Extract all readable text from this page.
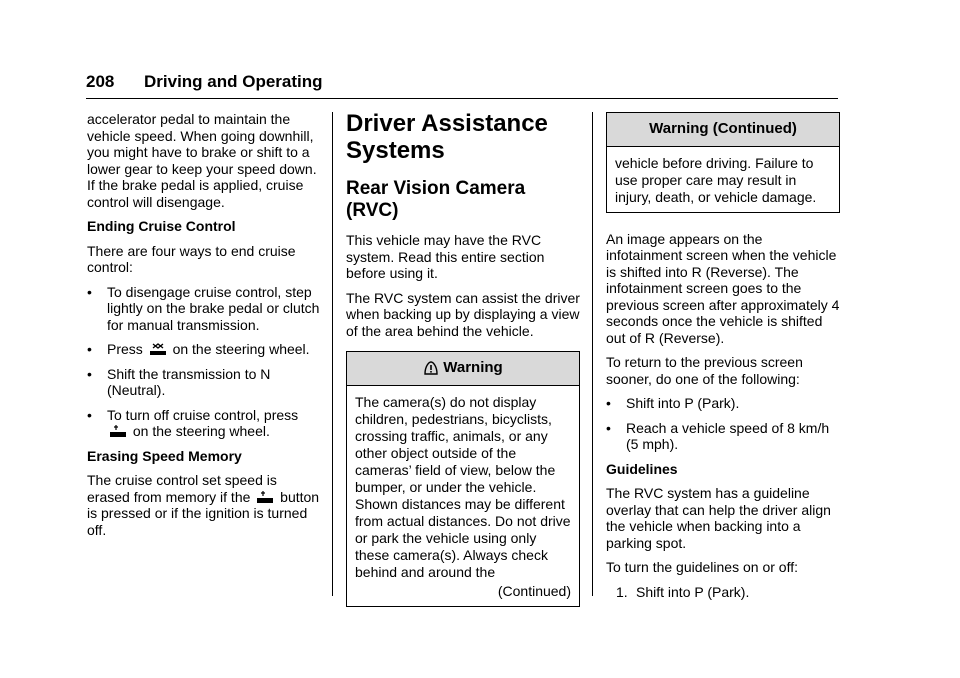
208 Driving and Operating

accelerator pedal to maintain the vehicle speed. When going downhill, you might have to brake or shift to a lower gear to keep your speed down. If the brake pedal is applied, cruise control will disengage.

Ending Cruise Control

There are four ways to end cruise control:

•	To disengage cruise control, step lightly on the brake pedal or clutch for manual transmission.
•	Press on the steering wheel.
•	Shift the transmission to N (Neutral).
•	To turn off cruise control, press  on the steering wheel.
Erasing Speed Memory

The cruise control set speed is erased from memory if the button is pressed or if the ignition is turned off.

Driver Assistance Systems
Rear Vision Camera (RVC)

This vehicle may have the RVC system. Read this entire section before using it.

The RVC system can assist the driver when backing up by displaying a view of the area behind the vehicle.

Warning
The camera(s) do not display children, pedestrians, bicyclists, crossing traffic, animals, or any other object outside of the cameras’ field of view, below the bumper, or under the vehicle. Shown distances may be different from actual distances. Do not drive or park the vehicle using only these camera(s). Always check behind and around the
(Continued)
Warning (Continued)
vehicle before driving. Failure to use proper care may result in injury, death, or vehicle damage.

An image appears on the infotainment screen when the vehicle is shifted into R (Reverse). The infotainment screen goes to the previous screen after approximately 4 seconds once the vehicle is shifted out of R (Reverse).

To return to the previous screen sooner, do one of the following:

•	Shift into P (Park).
•	Reach a vehicle speed of 8 km/h (5 mph).
Guidelines

The RVC system has a guideline overlay that can help the driver align the vehicle when backing into a parking spot.

To turn the guidelines on or off:

1. Shift into P (Park).
